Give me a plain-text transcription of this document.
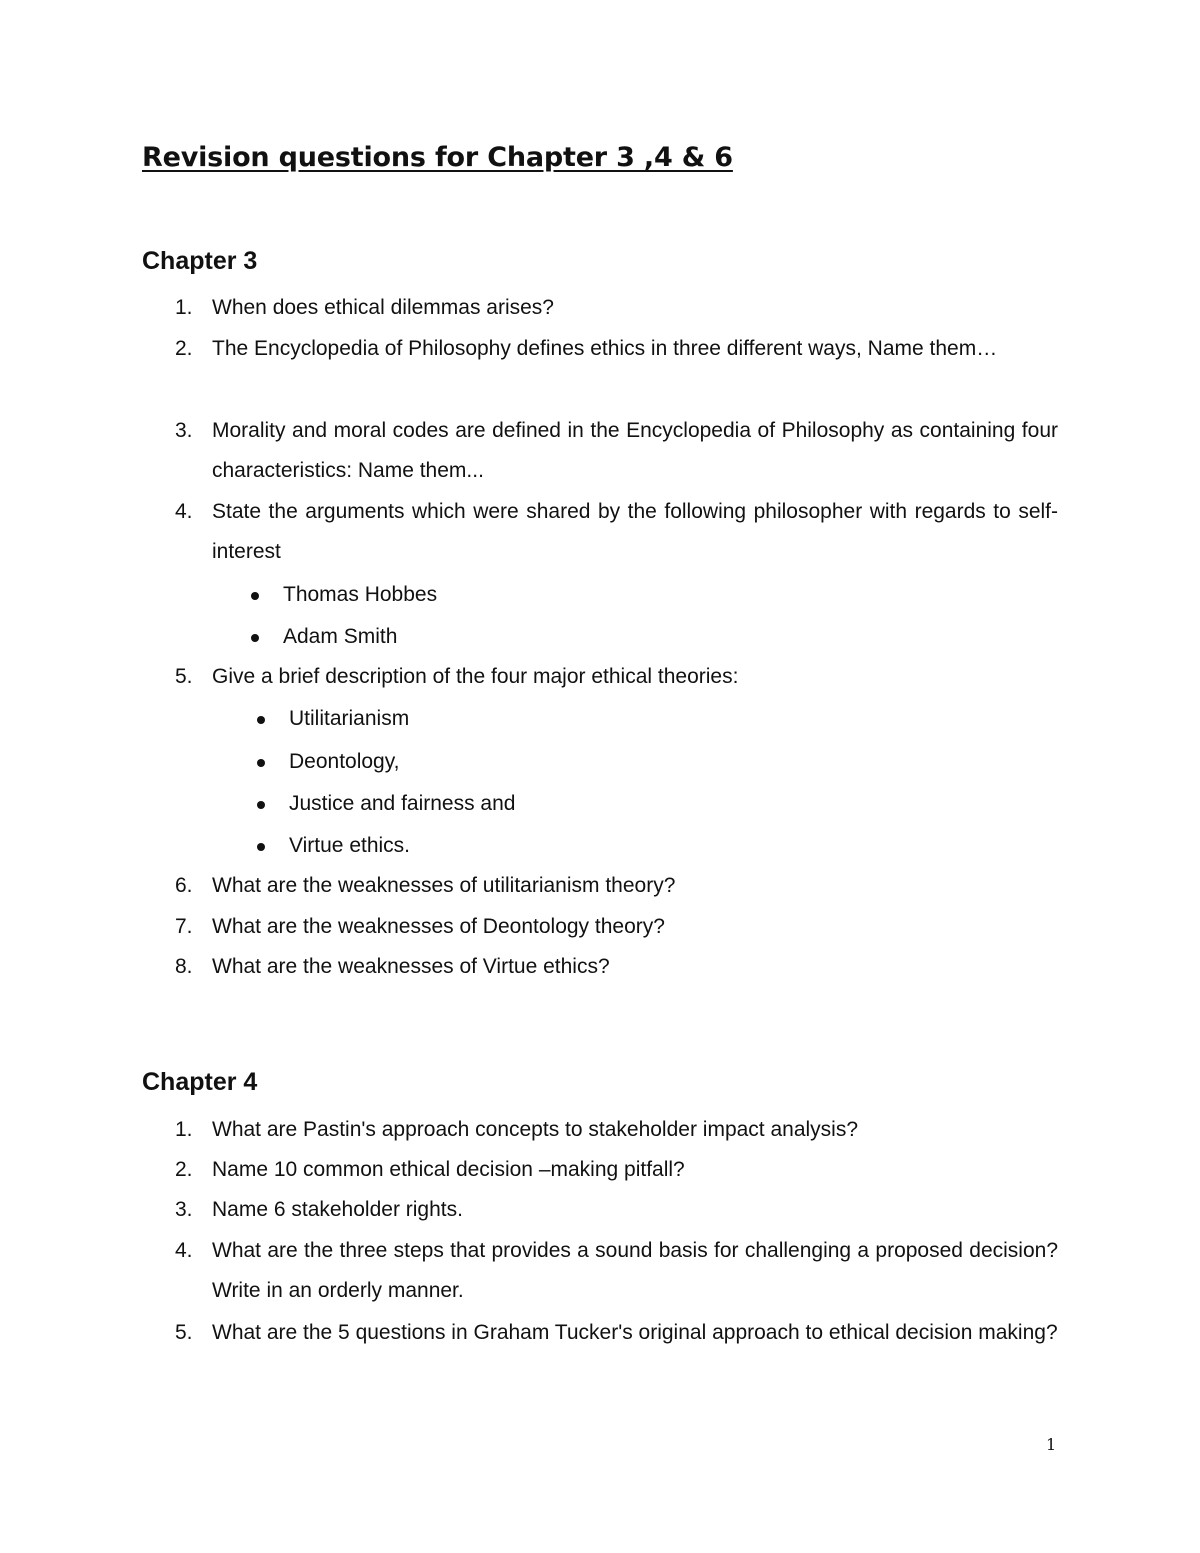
Revision questions for Chapter 3 ,4 & 6
Chapter 3
1. When does ethical dilemmas arises?
2. The Encyclopedia of Philosophy defines ethics in three different ways, Name them…
3. Morality and moral codes are defined in the Encyclopedia of Philosophy as containing four characteristics: Name them...
4. State the arguments which were shared by the following philosopher with regards to self-interest
Thomas Hobbes
Adam Smith
5. Give a brief description of the four major ethical theories:
Utilitarianism
Deontology,
Justice and fairness and
Virtue ethics.
6. What are the weaknesses of utilitarianism theory?
7. What are the weaknesses of Deontology theory?
8. What are the weaknesses of Virtue ethics?
Chapter 4
1. What are Pastin's approach concepts to stakeholder impact analysis?
2. Name 10 common ethical decision –making pitfall?
3. Name 6 stakeholder rights.
4. What are the three steps that provides a sound basis for challenging a proposed decision? Write in an orderly manner.
5. What are the 5 questions in Graham Tucker's original approach to ethical decision making?
1
